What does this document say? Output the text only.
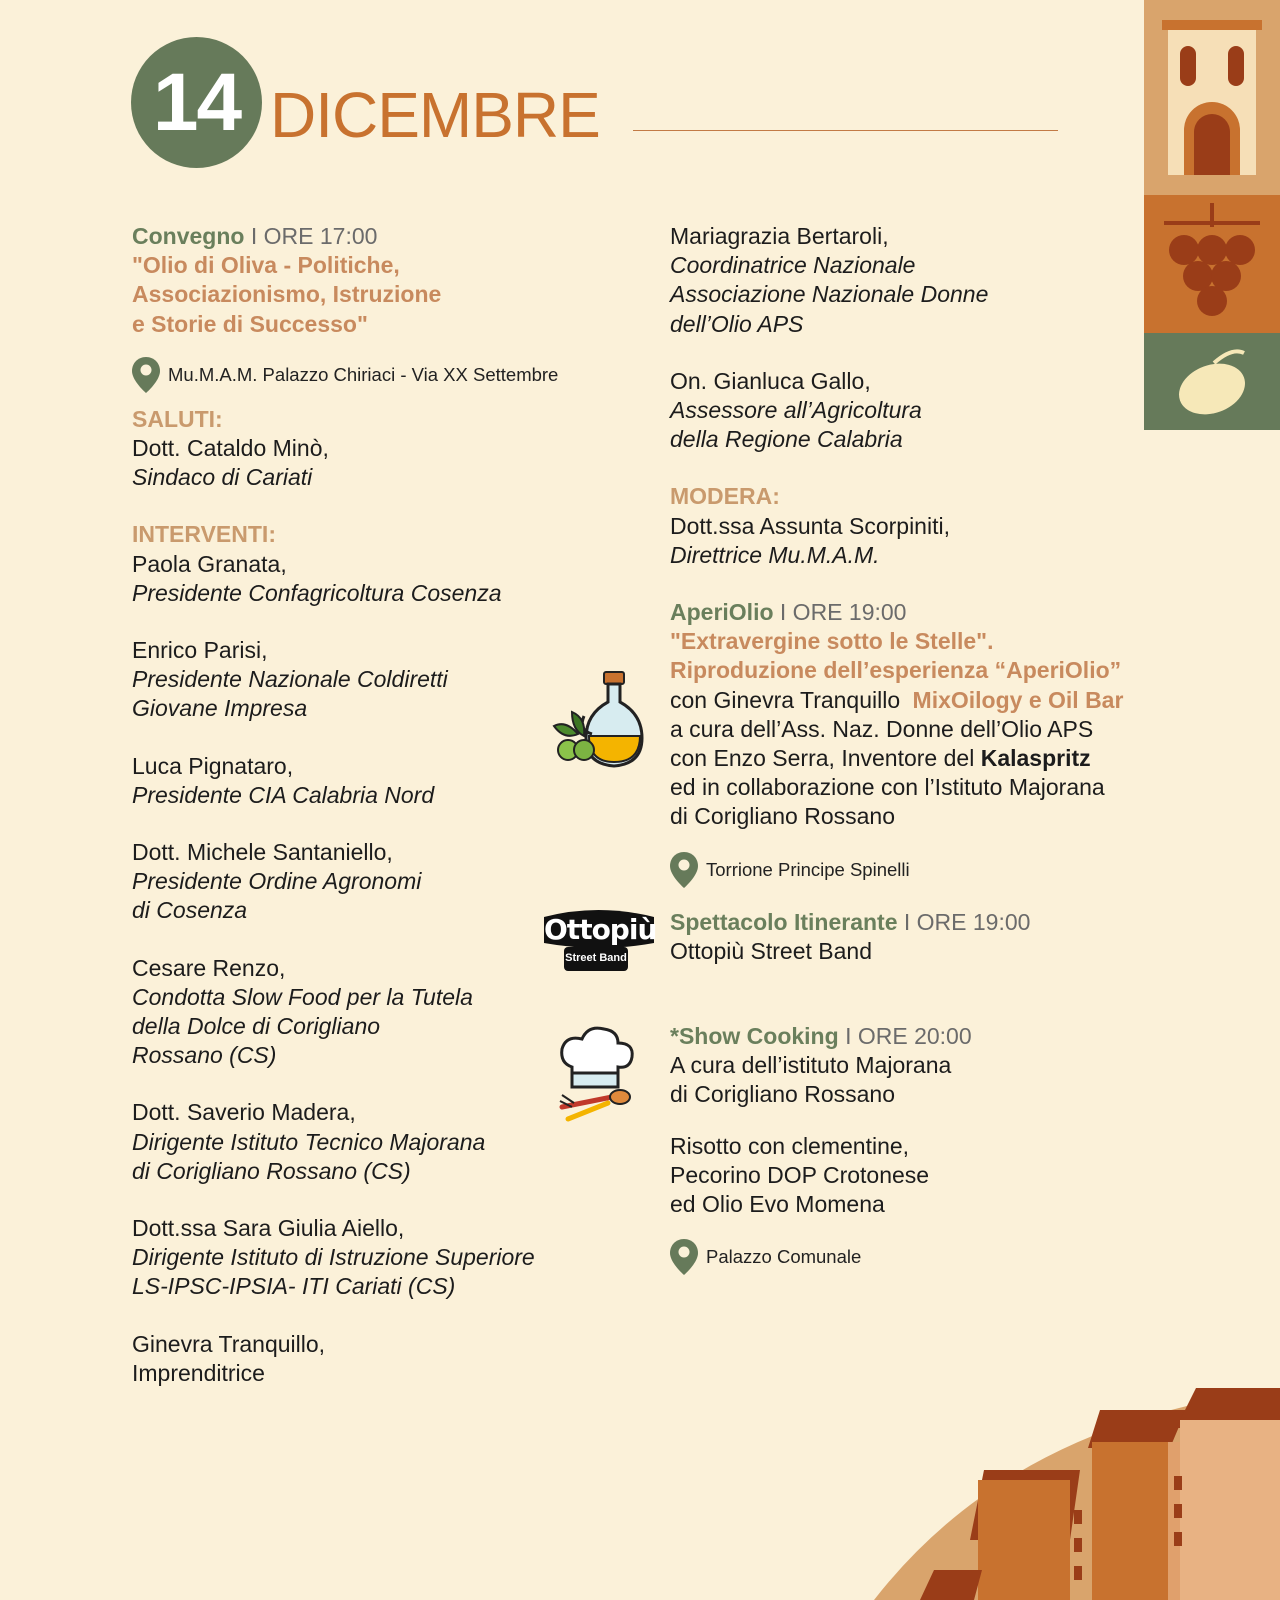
14 DICEMBRE
Convegno I ORE 17:00
"Olio di Oliva - Politiche,
Associazionismo, Istruzione
e Storie di Successo"
Mu.M.A.M. Palazzo Chiriaci - Via XX Settembre
SALUTI:
Dott. Cataldo Minò,
Sindaco di Cariati
INTERVENTI:
Paola Granata,
Presidente Confagricoltura Cosenza
Enrico Parisi,
Presidente Nazionale Coldiretti
Giovane Impresa
Luca Pignataro,
Presidente CIA Calabria Nord
Dott. Michele Santaniello,
Presidente Ordine Agronomi
di Cosenza
Cesare Renzo,
Condotta Slow Food per la Tutela
della Dolce di Corigliano
Rossano (CS)
Dott. Saverio Madera,
Dirigente Istituto Tecnico Majorana
di Corigliano Rossano (CS)
Dott.ssa Sara Giulia Aiello,
Dirigente Istituto di Istruzione Superiore
LS-IPSC-IPSIA- ITI Cariati (CS)
Ginevra Tranquillo,
Imprenditrice
Mariagrazia Bertaroli,
Coordinatrice Nazionale
Associazione Nazionale Donne
dell’Olio APS
On. Gianluca Gallo,
Assessore all’Agricoltura
della Regione Calabria
MODERA:
Dott.ssa Assunta Scorpiniti,
Direttrice Mu.M.A.M.
AperiOlio I ORE 19:00
"Extravergine sotto le Stelle".
Riproduzione dell’esperienza “AperiOlio”
con Ginevra Tranquillo MixOilogy e Oil Bar
a cura dell’Ass. Naz. Donne dell’Olio APS
con Enzo Serra, Inventore del Kalaspritz
ed in collaborazione con l’Istituto Majorana
di Corigliano Rossano
Torrione Principe Spinelli
Spettacolo Itinerante I ORE 19:00
Ottopiù Street Band
*Show Cooking I ORE 20:00
A cura dell’istituto Majorana
di Corigliano Rossano
Risotto con clementine,
Pecorino DOP Crotonese
ed Olio Evo Momena
Palazzo Comunale
Ottopiù
Street Band
